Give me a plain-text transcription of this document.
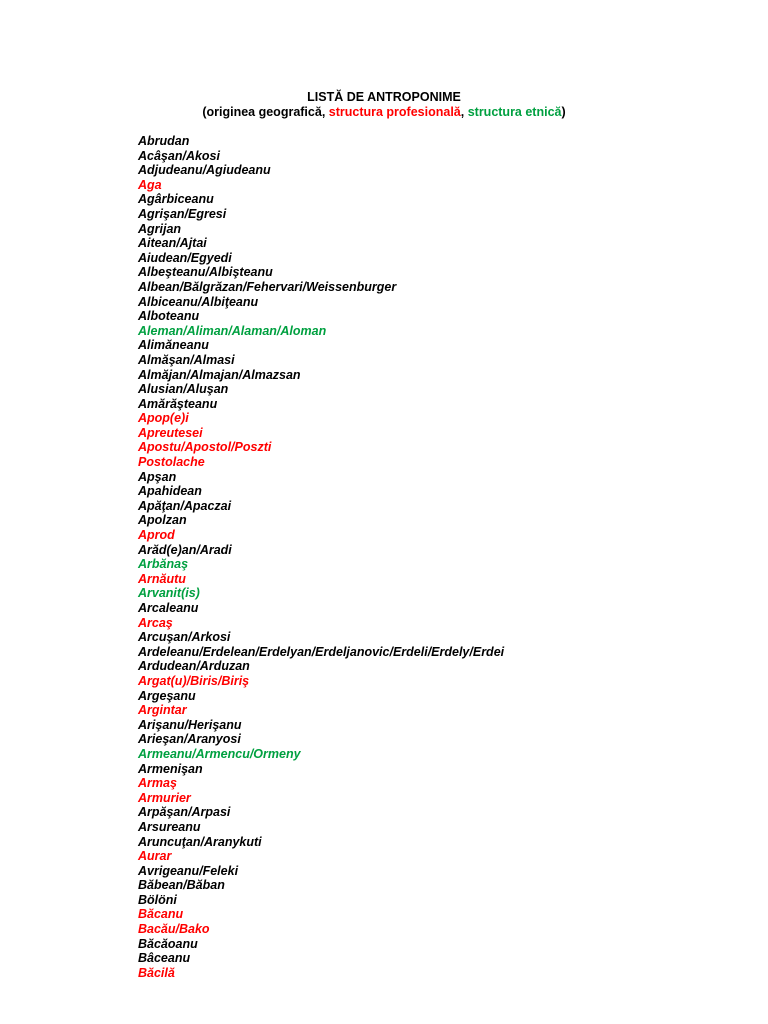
LISTĂ DE ANTROPONIME
(originea geografică, structura profesională, structura etnică)
Abrudan
Acâşan/Akosi
Adjudeanu/Agiudeanu
Aga
Agârbiceanu
Agrişan/Egresi
Agrijan
Aitean/Ajtai
Aiudean/Egyedi
Albeşteanu/Albişteanu
Albean/Bălgrăzan/Fehervari/Weissenburger
Albiceanu/Albiţeanu
Alboteanu
Aleman/Aliman/Alaman/Aloman
Alimăneanu
Almăşan/Almasi
Almăjan/Almajan/Almazsan
Alusian/Aluşan
Amărăşteanu
Apop(e)i
Apreutesei
Apostu/Apostol/Poszti
Postolache
Apşan
Apahidean
Apăţan/Apaczai
Apolzan
Aprod
Arăd(e)an/Aradi
Arbănaş
Arnăutu
Arvanit(is)
Arcaleanu
Arcaş
Arcuşan/Arkosi
Ardeleanu/Erdelean/Erdelyan/Erdeljanovic/Erdeli/Erdely/Erdei
Ardudean/Arduzan
Argat(u)/Biris/Biriş
Argeşanu
Argintar
Arişanu/Herişanu
Arieşan/Aranyosi
Armeanu/Armencu/Ormeny
Armenişan
Armaş
Armurier
Arpăşan/Arpasi
Arsureanu
Aruncuţan/Aranykuti
Aurar
Avrigeanu/Feleki
Băbean/Băban
Bölöni
Băcanu
Bacău/Bako
Băcăoanu
Bâceanu
Băcilă
